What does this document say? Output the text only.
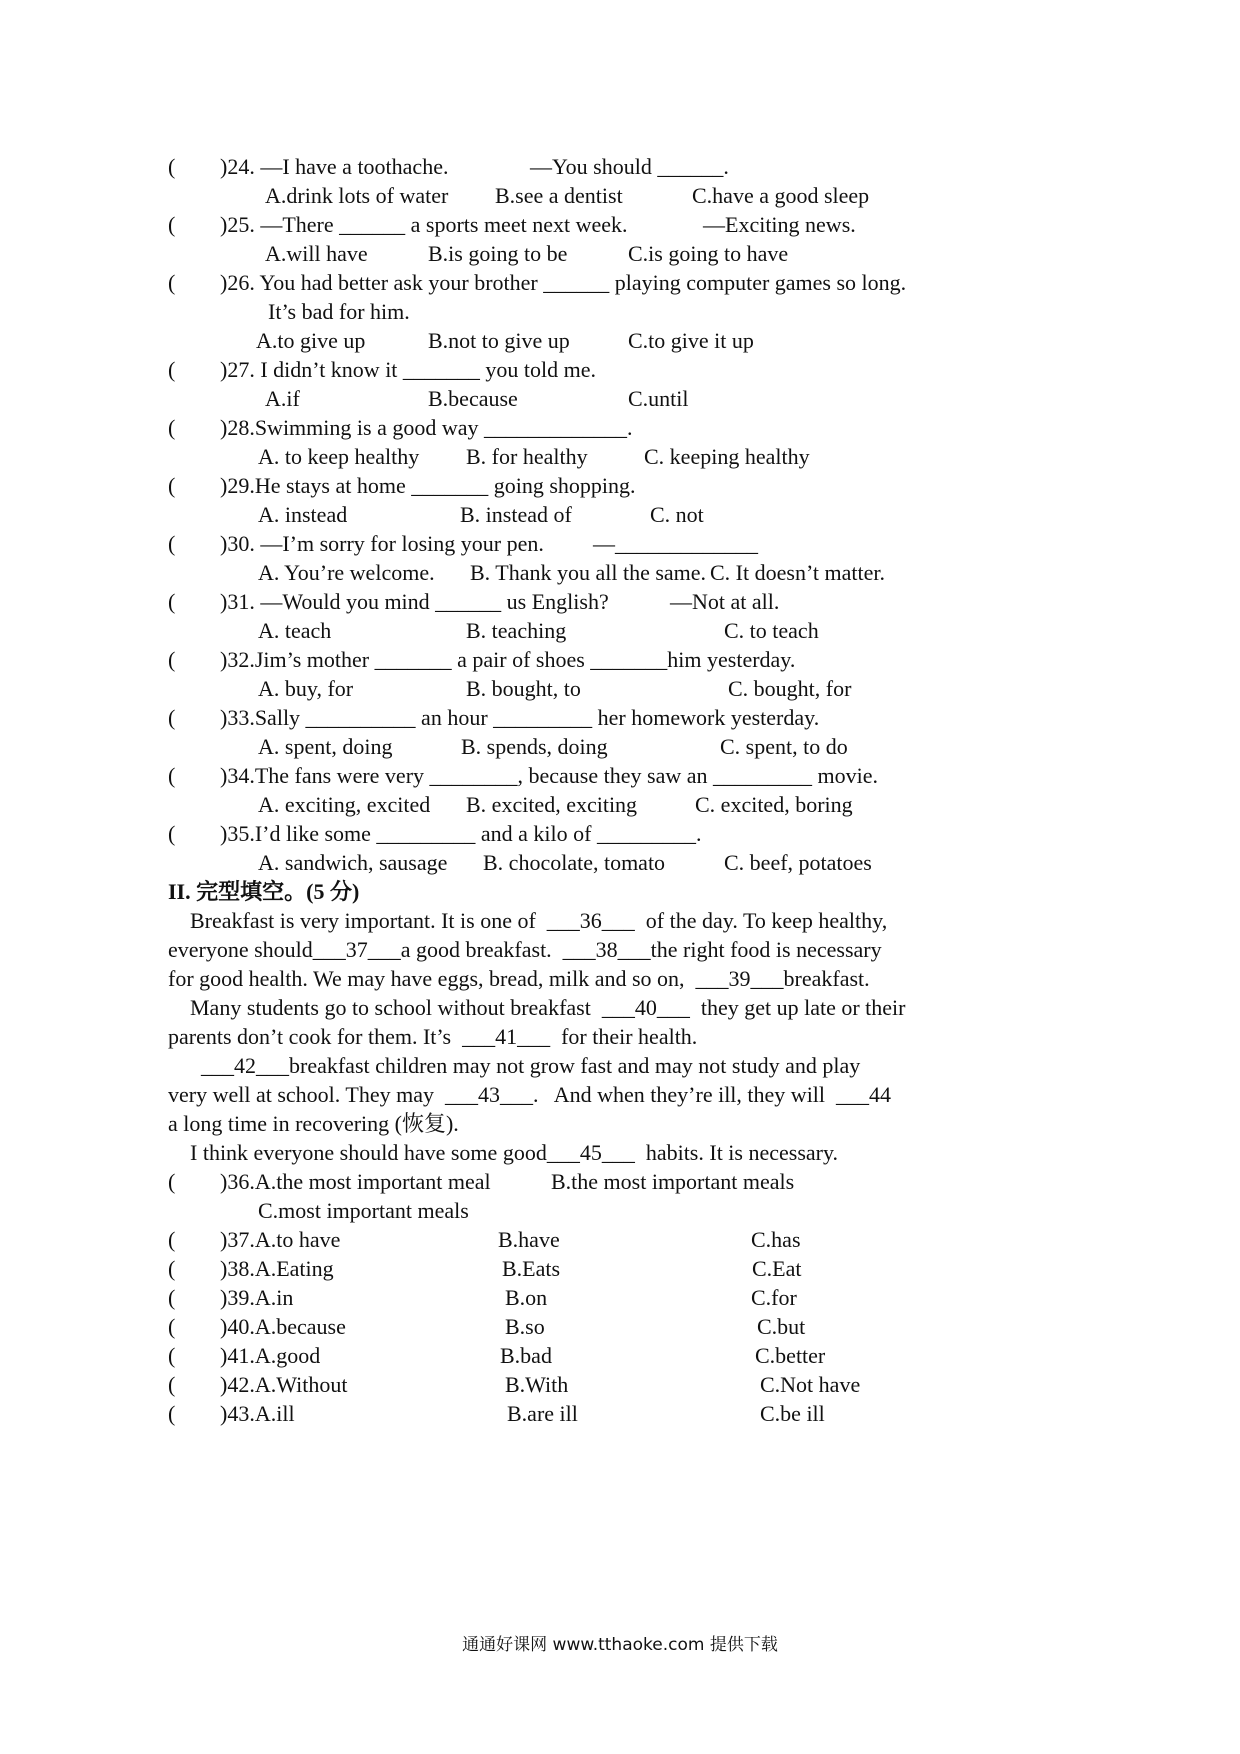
(

)24. —I have a toothache.

	—You should ______.

A.drink lots of water

B.see a dentist

	C.have a good sleep

(

)25. —There ______ a sports meet next week.

	—Exciting news.

A.will have

	B.is going to be

	C.is going to have

(

)26. You had better ask your brother ______ playing computer games so long.

It’s bad for him.

A.to give up

	B.not to give up

	C.to give it up

(

)27. I didn’t know it _______ you told me.

A.if

	B.because

	C.until

(

)28.Swimming is a good way _____________.

A. to keep healthy

B. for healthy

	C. keeping healthy

(

)29.He stays at home _______ going shopping.

A. instead

	B. instead of

	C. not

(

)30. —I’m sorry for losing your pen.

—_____________

A. You’re welcome.

B. Thank you all the same.

C. It doesn’t matter.

(

)31. —Would you mind ______ us English?

	—Not at all.

A. teach

	B. teaching

	C. to teach

(

)32.Jim’s mother _______ a pair of shoes _______him yesterday.

A. buy, for

	B. bought, to

	C. bought, for

(

)33.Sally __________ an hour _________ her homework yesterday.

A. spent, doing

	B. spends, doing

	C. spent, to do

(

)34.The fans were very ________, because they saw an _________ movie.

A. exciting, excited

B. excited, exciting

	C. excited, boring

(

)35.I’d like some _________ and a kilo of _________.

A. sandwich, sausage

B. chocolate, tomato

	C. beef, potatoes

II. 完型填空。(5 分)

Breakfast is very important. It is one of  ___36___  of the day. To keep healthy,

everyone should___37___a good breakfast.  ___38___the right food is necessary

for good health. We may have eggs, bread, milk and so on,  ___39___breakfast.

Many students go to school without breakfast  ___40___  they get up late or their

parents don’t cook for them. It’s  ___41___  for their health.

___42___breakfast children may not grow fast and may not study and play

very well at school. They may  ___43___.   And when they’re ill, they will  ___44

a long time in recovering (恢复).

I think everyone should have some good___45___  habits. It is necessary.

(

)36.A.the most important meal

	B.the most important meals

C.most important meals

(

)37.A.to have

	B.have

	C.has

(

)38.A.Eating

	B.Eats

	C.Eat

(

)39.A.in

	B.on

	C.for

(

)40.A.because

	B.so

	C.but

(

)41.A.good

	B.bad

	C.better

(

)42.A.Without

	B.With

	C.Not have

(

)43.A.ill

	B.are ill

	C.be ill

通通好课网 www.tthaoke.com 提供下载
